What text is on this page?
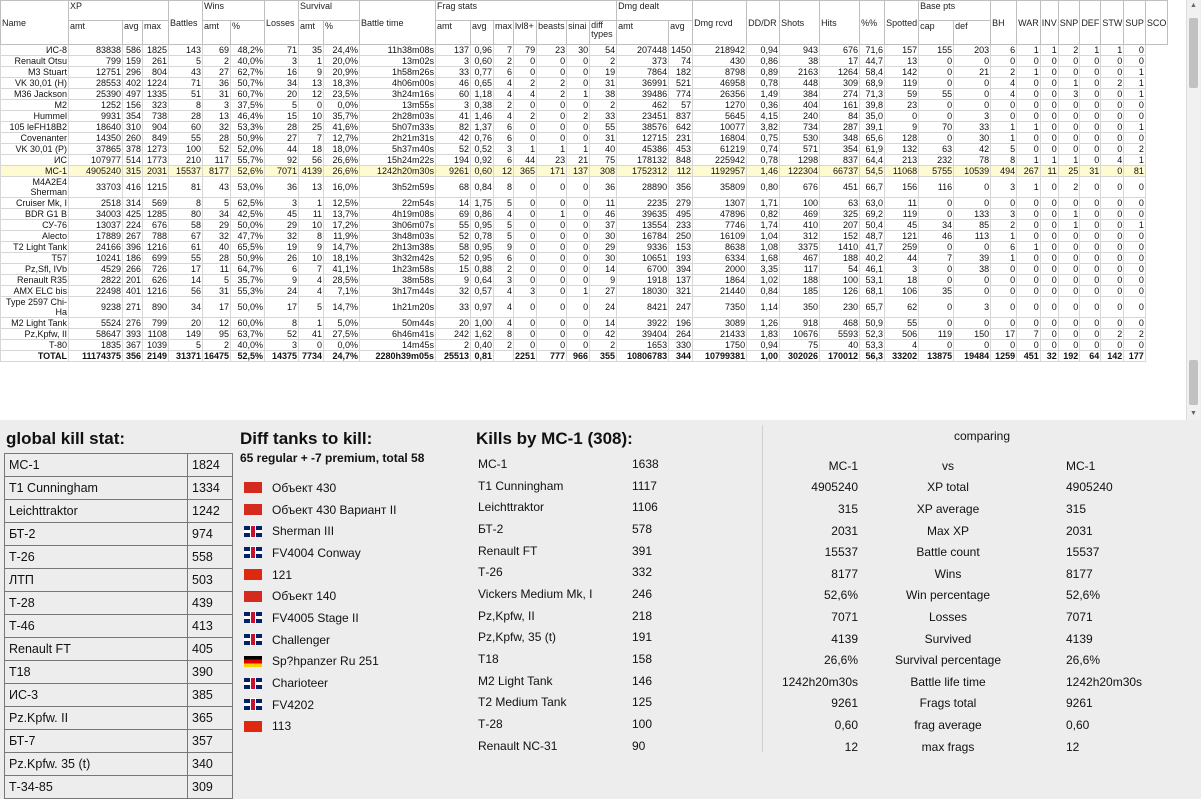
Name	XP			Battles	Wins		Losses	Survival		Battle time	Frag stats							Dmg dealt		Dmg rcvd	DD/DR	Shots	Hits	%%	Spotted	Base pts		BH	WAR	INV	SNP	DEF	STW	SUP	SCO
	amt	avg	max		amt	%		amt	%		amt	avg	max	lvl8+	beasts	sinai	diff types	amt	avg							cap	def								
ИС-8	83838	586	1825	143	69	48,2%	71	35	24,4%	11h38m08s	137	0,96	7	79	23	30	54	207448	1450	218942	0,94	943	676	71,6	157	155	203	6	1	1	2	1	1	0	
Renault Otsu	799	159	261	5	2	40,0%	3	1	20,0%	13m02s	3	0,60	2	0	0	0	2	373	74	430	0,86	38	17	44,7	13	0	0	0	0	0	0	0	0	0	
M3 Stuart	12751	296	804	43	27	62,7%	16	9	20,9%	1h58m26s	33	0,77	6	0	0	0	19	7864	182	8798	0,89	2163	1264	58,4	142	0	21	2	1	0	0	0	0	1	
VK 30,01 (H)	28553	402	1224	71	36	50,7%	34	13	18,3%	4h06m00s	46	0,65	4	2	2	0	31	36991	521	46958	0,78	448	309	68,9	119	0	0	4	0	0	1	0	2	1	
M36 Jackson	25390	497	1335	51	31	60,7%	20	12	23,5%	3h24m16s	60	1,18	4	4	2	1	38	39486	774	26356	1,49	384	274	71,3	59	55	0	4	0	0	3	0	0	1	
M2	1252	156	323	8	3	37,5%	5	0	0,0%	13m55s	3	0,38	2	0	0	0	2	462	57	1270	0,36	404	161	39,8	23	0	0	0	0	0	0	0	0	0	
Hummel	9931	354	738	28	13	46,4%	15	10	35,7%	2h28m03s	41	1,46	4	2	0	2	33	23451	837	5645	4,15	240	84	35,0	0	0	3	0	0	0	0	0	0	0	
105 leFH18B2	18640	310	904	60	32	53,3%	28	25	41,6%	5h07m33s	82	1,37	6	0	0	0	55	38576	642	10077	3,82	734	287	39,1	9	70	33	1	1	0	0	0	0	1	
Covenanter	14350	260	849	55	28	50,9%	27	7	12,7%	2h21m31s	42	0,76	6	0	0	0	31	12715	231	16804	0,75	530	348	65,6	128	0	30	1	0	0	0	0	0	0	
VK 30,01 (P)	37865	378	1273	100	52	52,0%	44	18	18,0%	5h37m40s	52	0,52	3	1	1	1	40	45386	453	61219	0,74	571	354	61,9	132	63	42	5	0	0	0	0	0	2	
ИС	107977	514	1773	210	117	55,7%	92	56	26,6%	15h24m22s	194	0,92	6	44	23	21	75	178132	848	225942	0,78	1298	837	64,4	213	232	78	8	1	1	1	0	4	1	
МС-1	4905240	315	2031	15537	8177	52,6%	7071	4139	26,6%	1242h20m30s	9261	0,60	12	365	171	137	308	1752312	112	1192957	1,46	122304	66737	54,5	11068	5755	10539	494	267	11	25	31	0	81	
M4A2E4 Sherman	33703	416	1215	81	43	53,0%	36	13	16,0%	3h52m59s	68	0,84	8	0	0	0	36	28890	356	35809	0,80	676	451	66,7	156	116	0	3	1	0	2	0	0	0	
Cruiser Mk, I	2518	314	569	8	5	62,5%	3	1	12,5%	22m54s	14	1,75	5	0	0	0	11	2235	279	1307	1,71	100	63	63,0	11	0	0	0	0	0	0	0	0	0	
BDR G1 B	34003	425	1285	80	34	42,5%	45	11	13,7%	4h19m08s	69	0,86	4	0	1	0	46	39635	495	47896	0,82	469	325	69,2	119	0	133	3	0	0	1	0	0	0	
СУ-76	13037	224	676	58	29	50,0%	29	10	17,2%	3h06m07s	55	0,95	5	0	0	0	37	13554	233	7746	1,74	410	207	50,4	45	34	85	2	0	0	1	0	0	1	
Alecto	17889	267	788	67	32	47,7%	32	8	11,9%	3h48m03s	52	0,78	5	0	0	0	30	16784	250	16109	1,04	312	152	48,7	121	46	113	1	0	0	0	0	0	0	
T2 Light Tank	24166	396	1216	61	40	65,5%	19	9	14,7%	2h13m38s	58	0,95	9	0	0	0	29	9336	153	8638	1,08	3375	1410	41,7	259	0	0	6	1	0	0	0	0	0	
T57	10241	186	699	55	28	50,9%	26	10	18,1%	3h32m42s	52	0,95	6	0	0	0	30	10651	193	6334	1,68	467	188	40,2	44	7	39	1	0	0	0	0	0	0	
Pz,Sfl, IVb	4529	266	726	17	11	64,7%	6	7	41,1%	1h23m58s	15	0,88	2	0	0	0	14	6700	394	2000	3,35	117	54	46,1	3	0	38	0	0	0	0	0	0	0	
Renault R35	2822	201	626	14	5	35,7%	9	4	28,5%	38m58s	9	0,64	3	0	0	0	9	1918	137	1864	1,02	188	100	53,1	18	0	0	0	0	0	0	0	0	0	
AMX ELC bis	22498	401	1216	56	31	55,3%	24	4	7,1%	3h17m44s	32	0,57	4	3	0	1	27	18030	321	21440	0,84	185	126	68,1	106	35	0	0	0	0	0	0	0	0	
Type 2597 Chi-Ha	9238	271	890	34	17	50,0%	17	5	14,7%	1h21m20s	33	0,97	4	0	0	0	24	8421	247	7350	1,14	350	230	65,7	62	0	3	0	0	0	0	0	0	0	
M2 Light Tank	5524	276	799	20	12	60,0%	8	1	5,0%	50m44s	20	1,00	4	0	0	0	14	3922	196	3089	1,26	918	468	50,9	55	0	0	0	0	0	0	0	0	0	
Pz,Kpfw, II	58647	393	1108	149	95	63,7%	52	41	27,5%	6h46m41s	242	1,62	8	0	0	0	42	39404	264	21433	1,83	10676	5593	52,3	506	119	150	17	7	0	0	0	2	2	
T-80	1835	367	1039	5	2	40,0%	3	0	0,0%	14m45s	2	0,40	2	0	0	0	2	1653	330	1750	0,94	75	40	53,3	4	0	0	0	0	0	0	0	0	0	
TOTAL	11174375	356	2149	31371	16475	52,5%	14375	7734	24,7%	2280h39m05s	25513	0,81		2251	777	966	355	10806783	344	10799381	1,00	302026	170012	56,3	33202	13875	19484	1259	451	32	192	64	142	177	
▲
▼
global kill stat:
МС-1	1824
T1 Cunningham	1334
Leichttraktor	1242
БТ-2	974
Т-26	558
ЛТП	503
Т-28	439
Т-46	413
Renault FT	405
T18	390
ИС-3	385
Pz.Kpfw. II	365
БТ-7	357
Pz.Kpfw. 35 (t)	340
Т-34-85	309
Diff tanks to kill:
65 regular + -7 premium, total 58
Объект 430
Объект 430 Вариант II
Sherman III
FV4004 Conway
121
Объект 140
FV4005 Stage II
Challenger
Sp?hpanzer Ru 251
Charioteer
FV4202
113
Kills by МС-1 (308):
МС-1	1638
T1 Cunningham	1117
Leichttraktor	1106
БТ-2	578
Renault FT	391
Т-26	332
Vickers Medium Mk, I	246
Pz,Kpfw, II	218
Pz,Kpfw, 35 (t)	191
T18	158
M2 Light Tank	146
T2 Medium Tank	125
Т-28	100
Renault NC-31	90
comparing
МС-1	vs	МС-1
4905240	XP total	4905240
315	XP average	315
2031	Max XP	2031
15537	Battle count	15537
8177	Wins	8177
52,6%	Win percentage	52,6%
7071	Losses	7071
4139	Survived	4139
26,6%	Survival percentage	26,6%
1242h20m30s	Battle life time	1242h20m30s
9261	Frags total	9261
0,60	frag average	0,60
12	max frags	12
